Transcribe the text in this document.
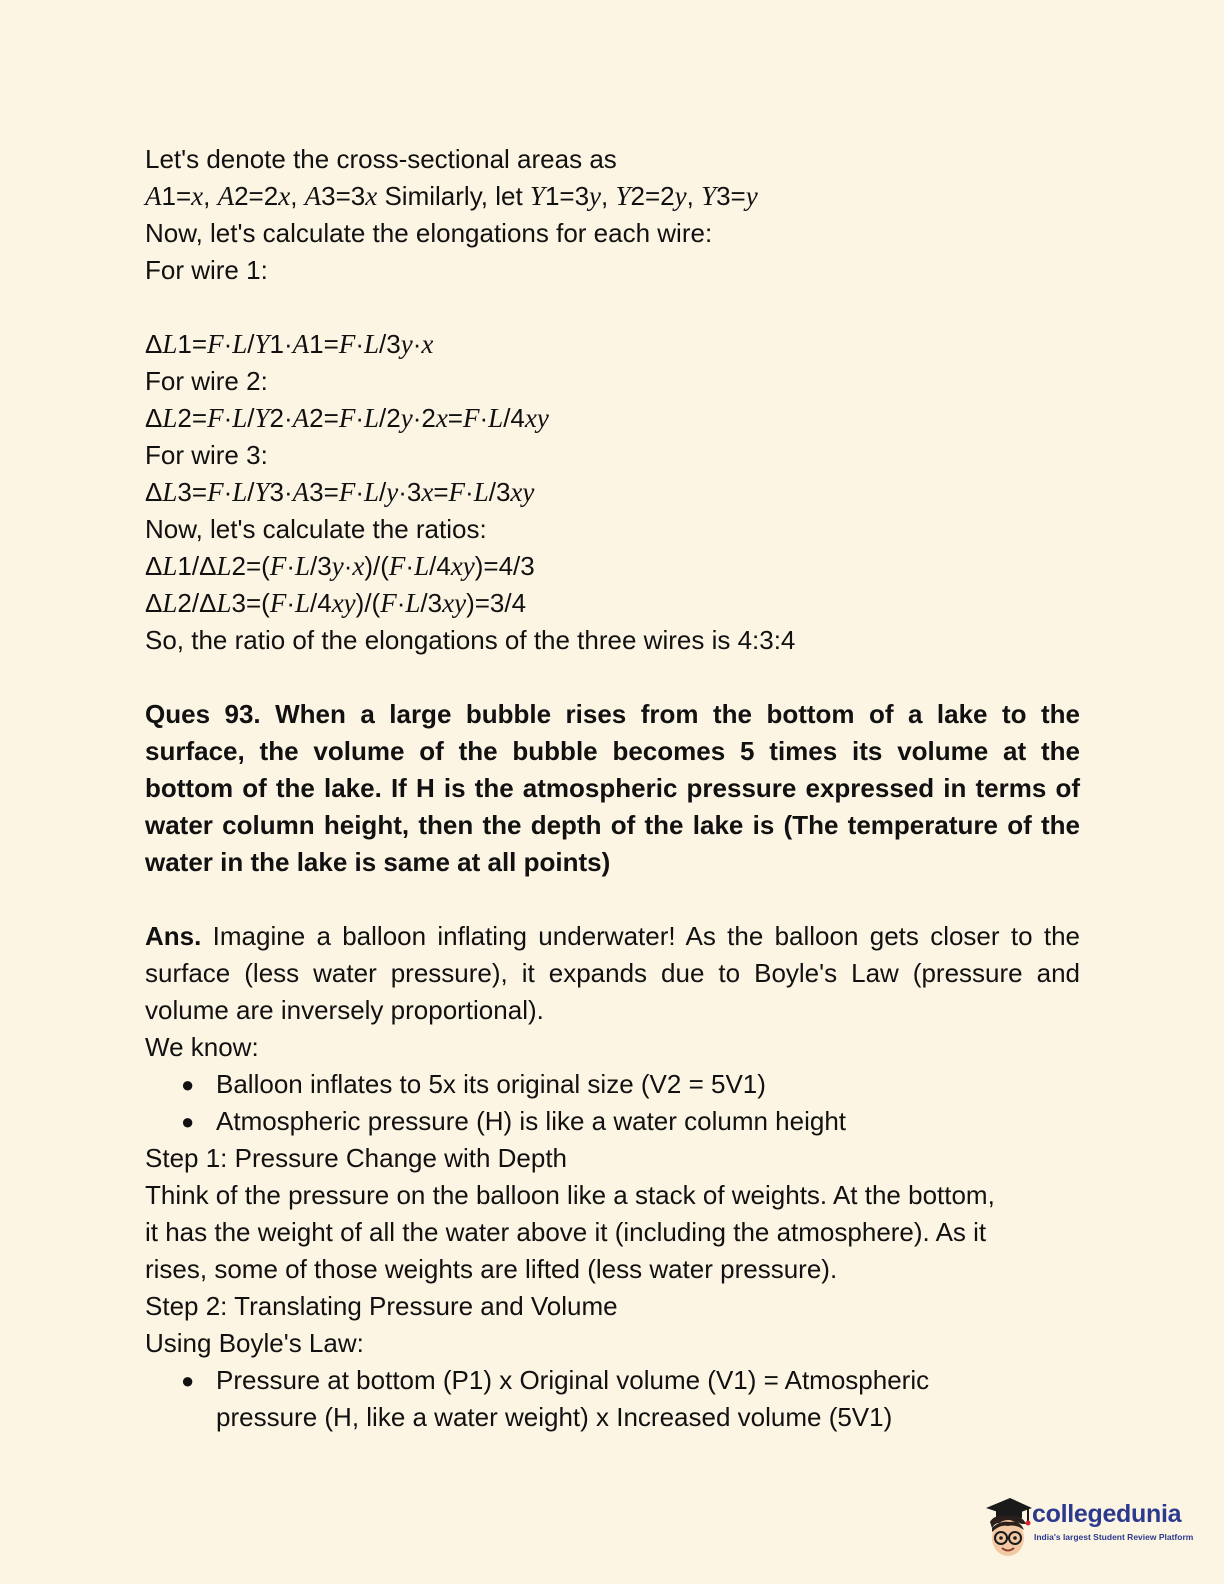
Let's denote the cross-sectional areas as

A1=x, A2=2x, A3=3x Similarly, let Y1=3y, Y2=2y, Y3=y

Now, let's calculate the elongations for each wire:

For wire 1:

ΔL1=F·L/Y1·A1=F·L/3y·x

For wire 2:

ΔL2=F·L/Y2·A2=F·L/2y·2x=F·L/4xy

For wire 3:

ΔL3=F·L/Y3·A3=F·L/y·3x=F·L/3xy

Now, let's calculate the ratios:

ΔL1/ΔL2=(F·L/3y·x)/(F·L/4xy)=4/3

ΔL2/ΔL3=(F·L/4xy)/(F·L/3xy)=3/4

So, the ratio of the elongations of the three wires is 4:3:4

Ques 93. When a large bubble rises from the bottom of a lake to the surface, the volume of the bubble becomes 5 times its volume at the bottom of the lake. If H is the atmospheric pressure expressed in terms of water column height, then the depth of the lake is (The temperature of the water in the lake is same at all points)

Ans. Imagine a balloon inflating underwater! As the balloon gets closer to the surface (less water pressure), it expands due to Boyle's Law (pressure and volume are inversely proportional).

We know:

● Balloon inflates to 5x its original size (V2 = 5V1)
● Atmospheric pressure (H) is like a water column height

Step 1: Pressure Change with Depth

Think of the pressure on the balloon like a stack of weights. At the bottom,

it has the weight of all the water above it (including the atmosphere). As it

rises, some of those weights are lifted (less water pressure).

Step 2: Translating Pressure and Volume

Using Boyle's Law:

● Pressure at bottom (P1) x Original volume (V1) = Atmospheric
pressure (H, like a water weight) x Increased volume (5V1)
collegedunia
India's largest Student Review Platform
